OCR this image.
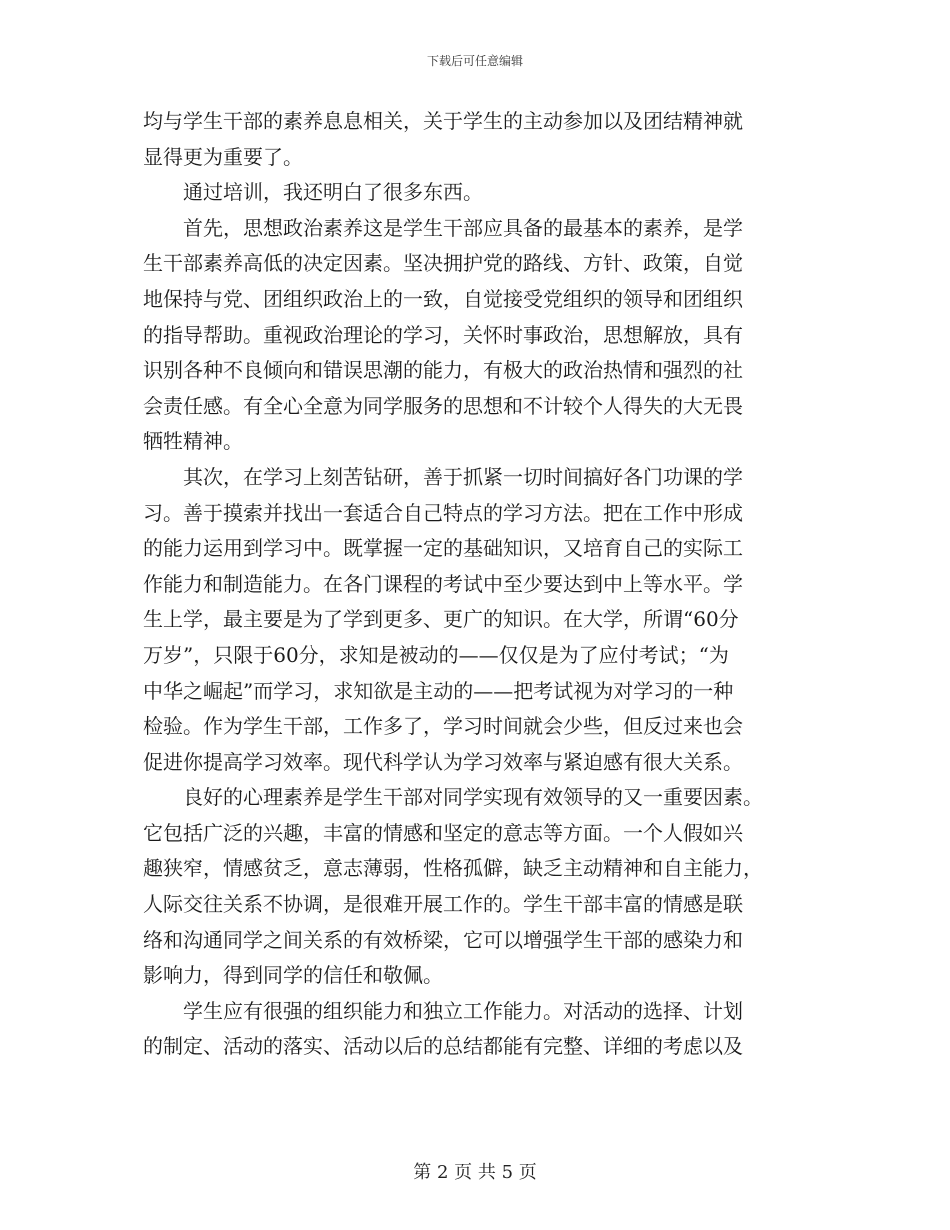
下载后可任意编辑
均与学生干部的素养息息相关，关于学生的主动参加以及团结精神就
显得更为重要了。
　　通过培训，我还明白了很多东西。
　　首先，思想政治素养这是学生干部应具备的最基本的素养，是学
生干部素养高低的决定因素。坚决拥护党的路线、方针、政策，自觉
地保持与党、团组织政治上的一致，自觉接受党组织的领导和团组织
的指导帮助。重视政治理论的学习，关怀时事政治，思想解放，具有
识别各种不良倾向和错误思潮的能力，有极大的政治热情和强烈的社
会责任感。有全心全意为同学服务的思想和不计较个人得失的大无畏
牺牲精神。
　　其次，在学习上刻苦钻研，善于抓紧一切时间搞好各门功课的学
习。善于摸索并找出一套适合自己特点的学习方法。把在工作中形成
的能力运用到学习中。既掌握一定的基础知识，又培育自己的实际工
作能力和制造能力。在各门课程的考试中至少要达到中上等水平。学
生上学，最主要是为了学到更多、更广的知识。在大学，所谓“60分
万岁”，只限于60分，求知是被动的——仅仅是为了应付考试；“为
中华之崛起”而学习，求知欲是主动的——把考试视为对学习的一种
检验。作为学生干部，工作多了，学习时间就会少些，但反过来也会
促进你提高学习效率。现代科学认为学习效率与紧迫感有很大关系。
　　良好的心理素养是学生干部对同学实现有效领导的又一重要因素。
它包括广泛的兴趣，丰富的情感和坚定的意志等方面。一个人假如兴
趣狭窄，情感贫乏，意志薄弱，性格孤僻，缺乏主动精神和自主能力，
人际交往关系不协调，是很难开展工作的。学生干部丰富的情感是联
络和沟通同学之间关系的有效桥梁，它可以增强学生干部的感染力和
影响力，得到同学的信任和敬佩。
　　学生应有很强的组织能力和独立工作能力。对活动的选择、计划
的制定、活动的落实、活动以后的总结都能有完整、详细的考虑以及
第 2 页 共 5 页
